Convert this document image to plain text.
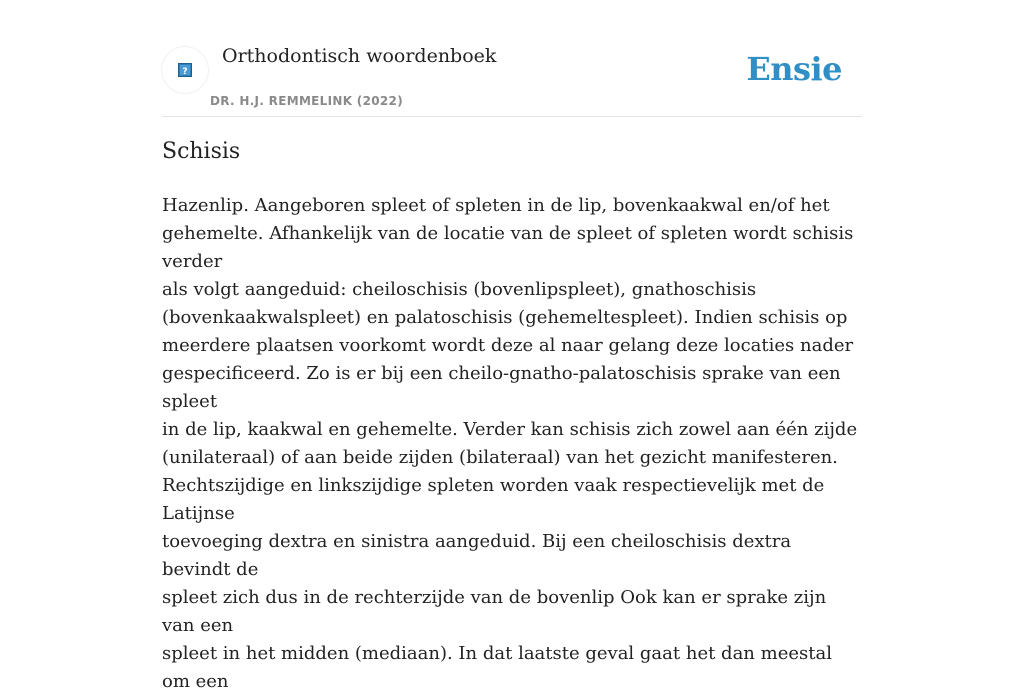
?
Orthodontisch woordenboek
DR. H.J. REMMELINK (2022)
Ensie
Schisis

Hazenlip. Aangeboren spleet of spleten in de lip, bovenkaakwal en/of het
gehemelte. Afhankelijk van de locatie van de spleet of spleten wordt schisis verder
als volgt aangeduid: cheiloschisis (bovenlipspleet), gnathoschisis
(bovenkaakwalspleet) en palatoschisis (gehemeltespleet). Indien schisis op
meerdere plaatsen voorkomt wordt deze al naar gelang deze locaties nader
gespecificeerd. Zo is er bij een cheilo-gnatho-palatoschisis sprake van een spleet
in de lip, kaakwal en gehemelte. Verder kan schisis zich zowel aan één zijde
(unilateraal) of aan beide zijden (bilateraal) van het gezicht manifesteren.
Rechtszijdige en linkszijdige spleten worden vaak respectievelijk met de Latijnse
toevoeging dextra en sinistra aangeduid. Bij een cheiloschisis dextra bevindt de
spleet zich dus in de rechterzijde van de bovenlip Ook kan er sprake zijn van een
spleet in het midden (mediaan). In dat laatste geval gaat het dan meestal om een
